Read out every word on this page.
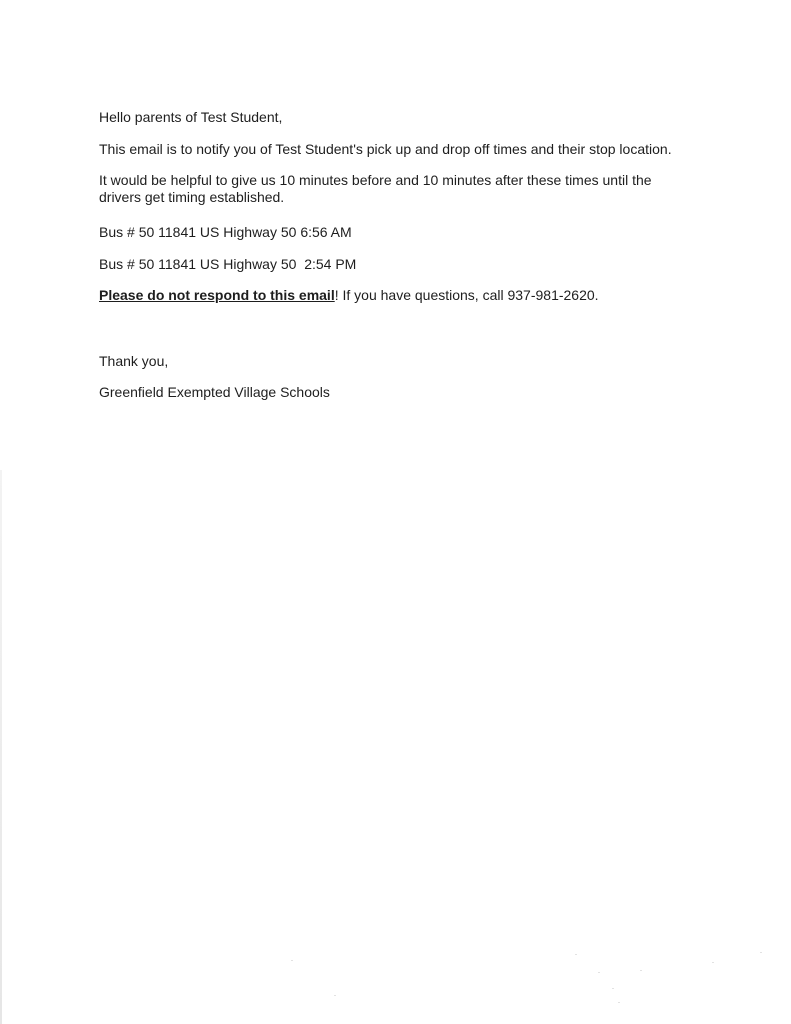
Hello parents of Test Student,

This email is to notify you of Test Student's pick up and drop off times and their stop location.

It would be helpful to give us 10 minutes before and 10 minutes after these times until the drivers get timing established.

Bus # 50 11841 US Highway 50 6:56 AM

Bus # 50 11841 US Highway 50 2:54 PM

Please do not respond to this email! If you have questions, call 937-981-2620.

Thank you,

Greenfield Exempted Village Schools
